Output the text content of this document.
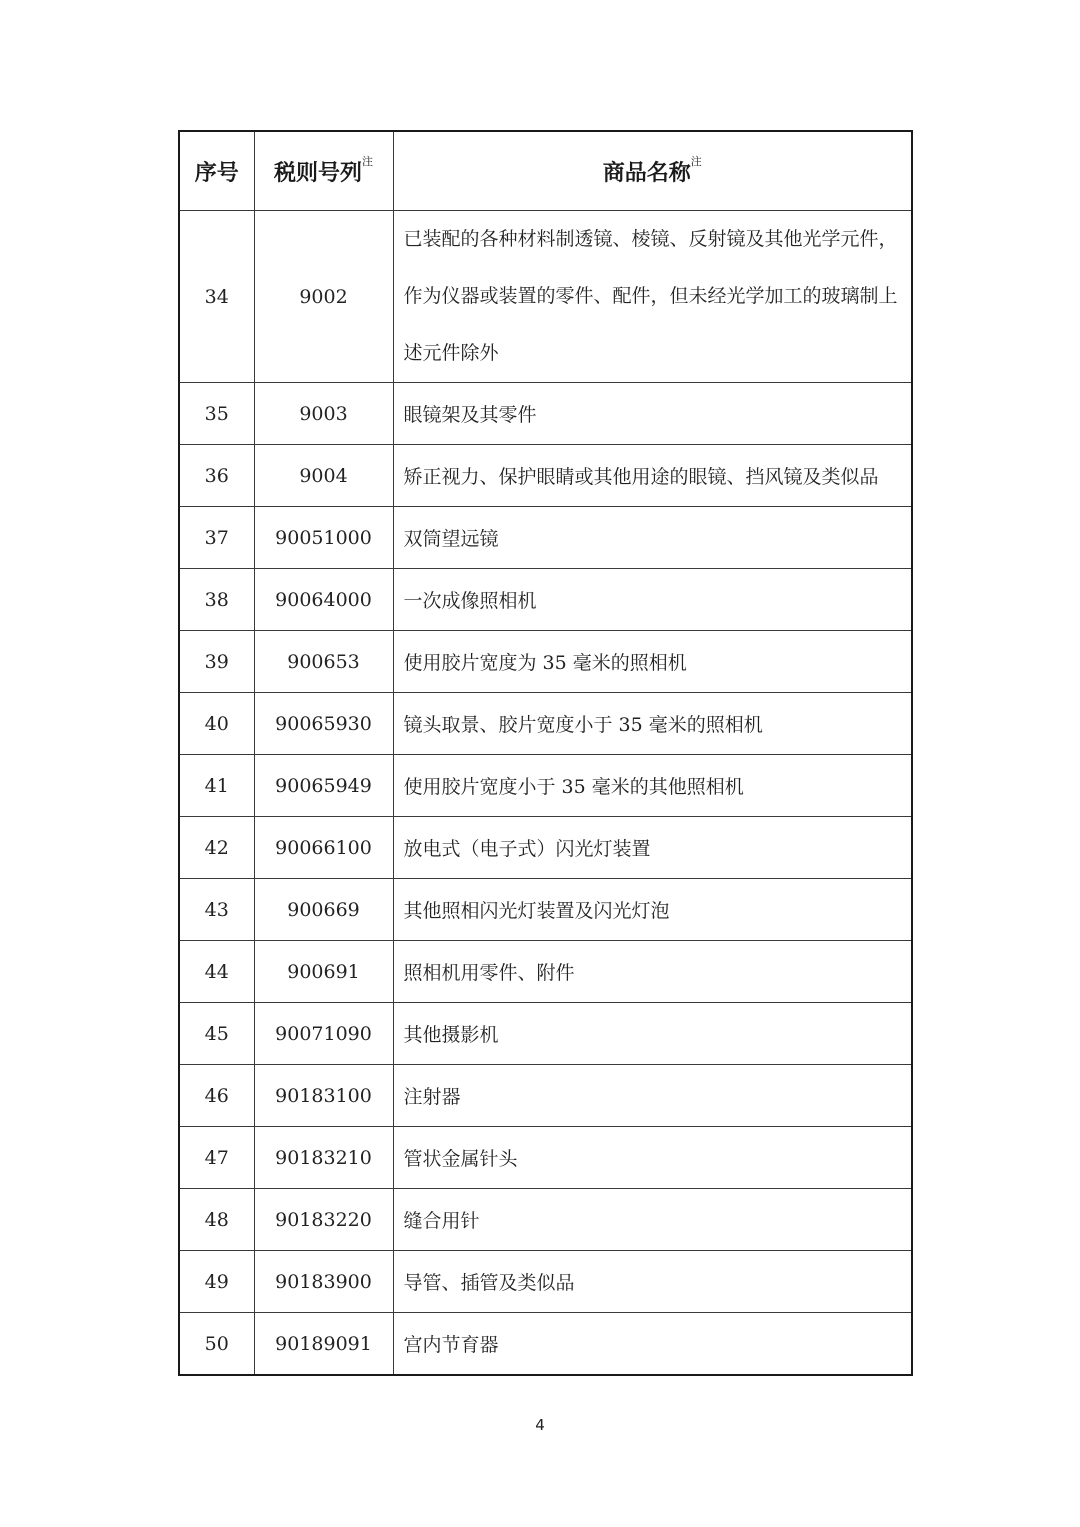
序号	税则号列$^注$	商品名称$^注$
34	9002	已装配的各种材料制透镜、棱镜、反射镜及其他光学元件，作为仪器或装置的零件、配件，但未经光学加工的玻璃制上述元件除外
35	9003	眼镜架及其零件
36	9004	矫正视力、保护眼睛或其他用途的眼镜、挡风镜及类似品
37	90051000	双筒望远镜
38	90064000	一次成像照相机
39	900653	使用胶片宽度为 35 毫米的照相机
40	90065930	镜头取景、胶片宽度小于 35 毫米的照相机
41	90065949	使用胶片宽度小于 35 毫米的其他照相机
42	90066100	放电式（电子式）闪光灯装置
43	900669	其他照相闪光灯装置及闪光灯泡
44	900691	照相机用零件、附件
45	90071090	其他摄影机
46	90183100	注射器
47	90183210	管状金属针头
48	90183220	缝合用针
49	90183900	导管、插管及类似品
50	90189091	宫内节育器
4
